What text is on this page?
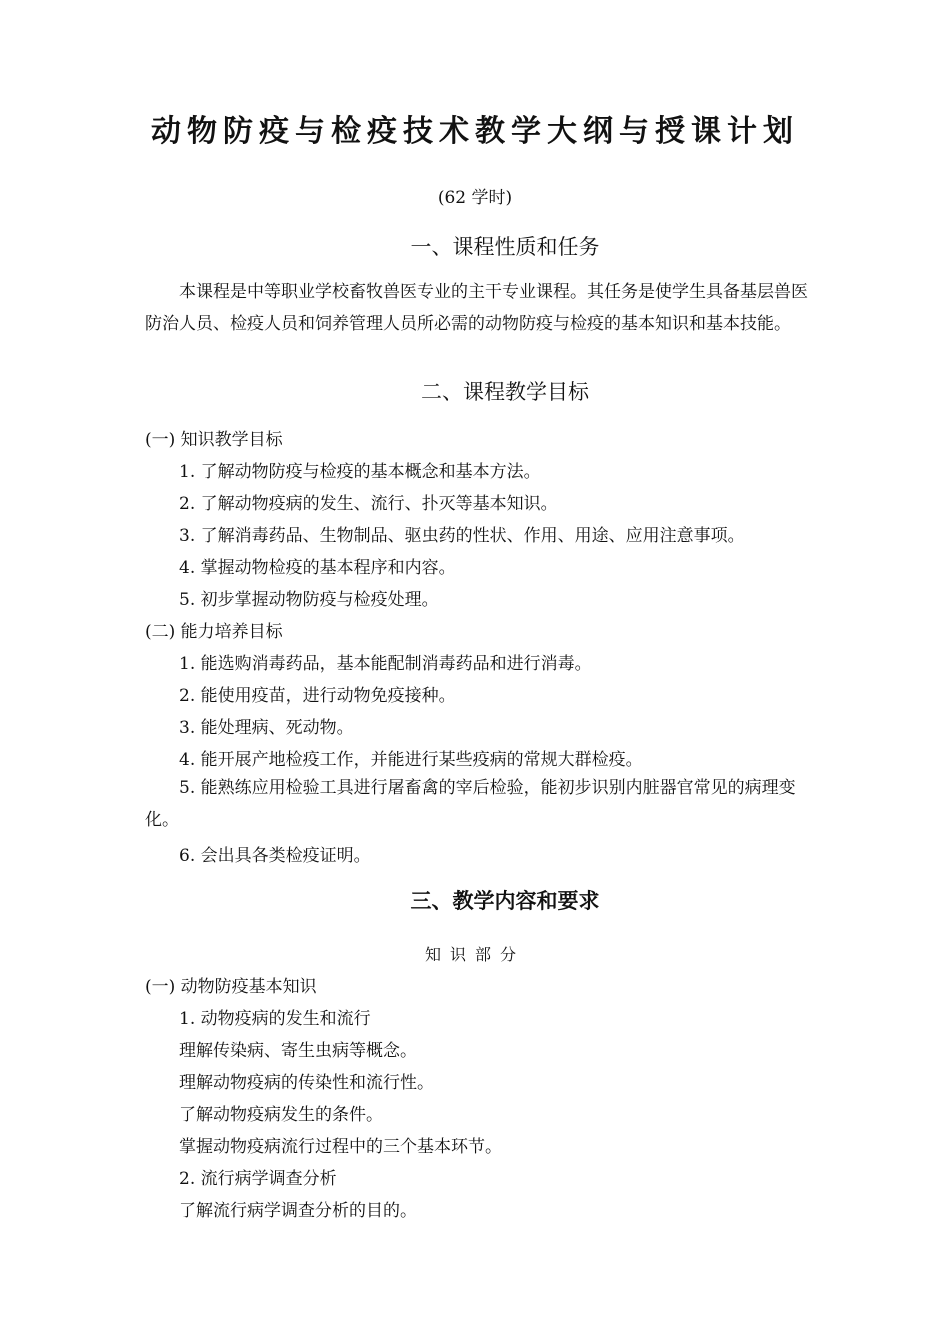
动物防疫与检疫技术教学大纲与授课计划
(62 学时)
一、课程性质和任务
本课程是中等职业学校畜牧兽医专业的主干专业课程。其任务是使学生具备基层兽医防治人员、检疫人员和饲养管理人员所必需的动物防疫与检疫的基本知识和基本技能。
二、课程教学目标
(一) 知识教学目标
1. 了解动物防疫与检疫的基本概念和基本方法。
2. 了解动物疫病的发生、流行、扑灭等基本知识。
3. 了解消毒药品、生物制品、驱虫药的性状、作用、用途、应用注意事项。
4. 掌握动物检疫的基本程序和内容。
5. 初步掌握动物防疫与检疫处理。
(二) 能力培养目标
1. 能选购消毒药品，基本能配制消毒药品和进行消毒。
2. 能使用疫苗，进行动物免疫接种。
3. 能处理病、死动物。
4. 能开展产地检疫工作，并能进行某些疫病的常规大群检疫。
5. 能熟练应用检验工具进行屠畜禽的宰后检验，能初步识别内脏器官常见的病理变化。
6. 会出具各类检疫证明。
三、教学内容和要求
知识部分
(一) 动物防疫基本知识
1. 动物疫病的发生和流行
理解传染病、寄生虫病等概念。
理解动物疫病的传染性和流行性。
了解动物疫病发生的条件。
掌握动物疫病流行过程中的三个基本环节。
2. 流行病学调查分析
了解流行病学调查分析的目的。
